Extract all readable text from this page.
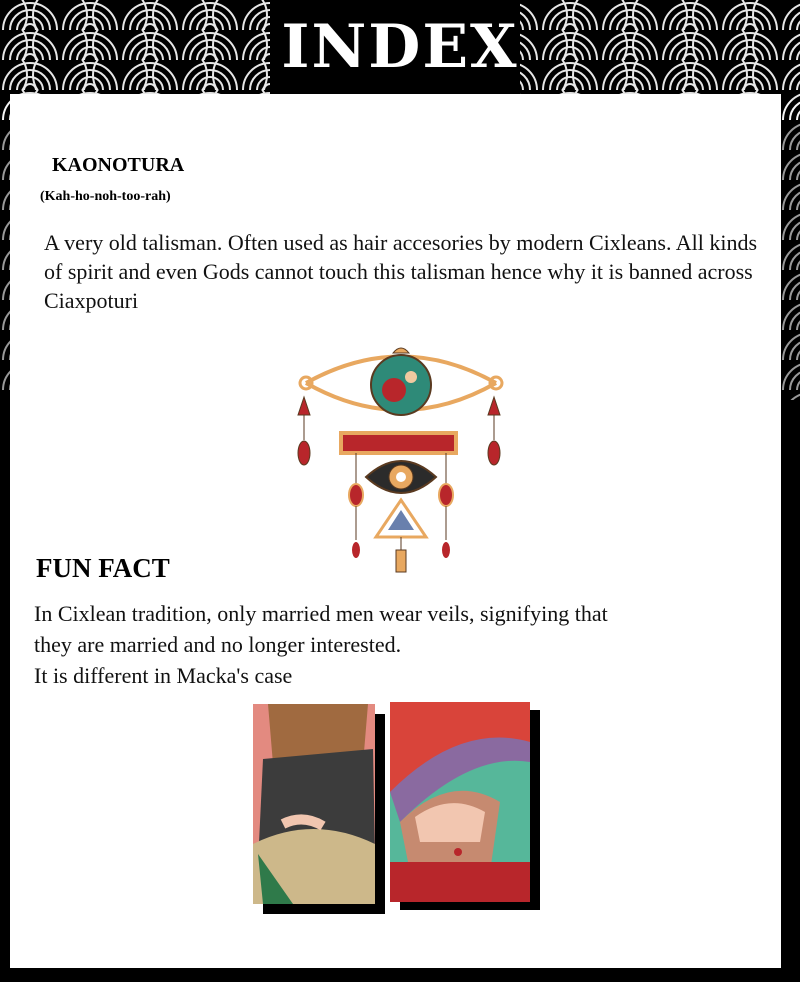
INDEX
KAONOTURA
(Kah-ho-noh-too-rah)
A very old talisman. Often used as hair accesories by modern Cixleans. All kinds of spirit and even Gods cannot touch this talisman hence why it is banned across Ciaxpoturi
FUN FACT
In Cixlean tradition, only married men wear veils, signifying that
they are married and no longer interested.
It is different in Macka's case
